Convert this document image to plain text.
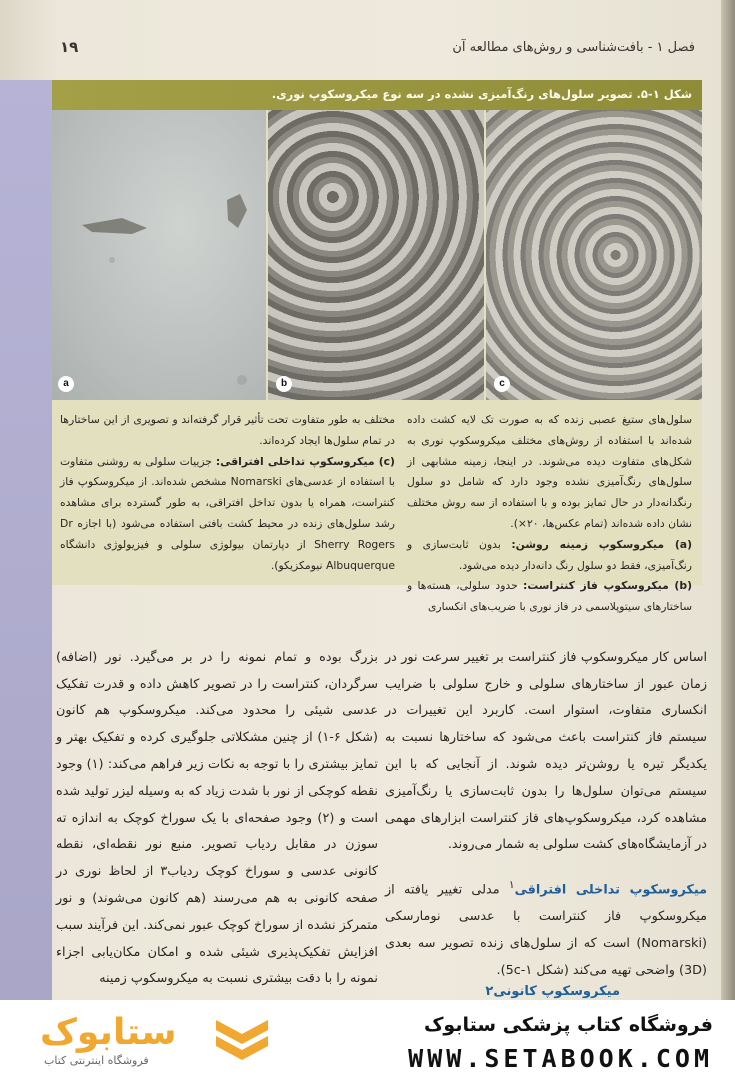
فصل ۱ - بافت‌شناسی و روش‌های مطالعه آن
۱۹
شکل ۱-۵. تصویر سلول‌های رنگ‌آمیزی نشده در سه نوع میکروسکوپ نوری.
a	b	c

سلول‌های ستیغ عصبی زنده که به صورت تک لایه کشت داده شده‌اند با استفاده از روش‌های مختلف میکروسکوپ نوری به شکل‌های متفاوت دیده می‌شوند. در اینجا، زمینه مشابهی از سلول‌های رنگ‌آمیزی نشده وجود دارد که شامل دو سلول رنگدانه‌دار در حال تمایز بوده و با استفاده از سه روش مختلف نشان داده شده‌اند (تمام عکس‌ها، ۲۰×).

(a) میکروسکوپ زمینه روشن: بدون ثابت‌سازی و رنگ‌آمیزی، فقط دو سلول رنگ دانه‌دار دیده می‌شود.

(b) میکروسکوپ فاز کنتراست: حدود سلولی، هسته‌ها و ساختارهای سیتوپلاسمی در فاز نوری با ضریب‌های انکساری

مختلف به طور متفاوت تحت تأثیر قرار گرفته‌اند و تصویری از این ساختارها در تمام سلول‌ها ایجاد کرده‌اند.

(c) میکروسکوپ تداخلی افتراقی: جزییات سلولی به روشنی متفاوت با استفاده از عدسی‌های Nomarski مشخص شده‌اند. از میکروسکوپ فاز کنتراست، همراه یا بدون تداخل افتراقی، به طور گسترده برای مشاهده رشد سلول‌های زنده در محیط کشت بافتی استفاده می‌شود (با اجازه Dr Sherry Rogers از دپارتمان بیولوژی سلولی و فیزیولوژی دانشگاه Albuquerque نیومکزیکو).

اساس کار میکروسکوپ فاز کنتراست بر تغییر سرعت نور در زمان عبور از ساختارهای سلولی و خارج سلولی با ضرایب انکساری متفاوت، استوار است. کاربرد این تغییرات در سیستم فاز کنتراست باعث می‌شود که ساختارها نسبت به یکدیگر تیره یا روشن‌تر دیده شوند. از آنجایی که با این سیستم می‌توان سلول‌ها را بدون ثابت‌سازی یا رنگ‌آمیزی مشاهده کرد، میکروسکوپ‌های فاز کنتراست ابزارهای مهمی در آزمایشگاه‌های کشت سلولی به شمار می‌روند.

میکروسکوپ تداخلی افتراقی$^۱$ مدلی تغییر یافته از میکروسکوپ فاز کنتراست با عدسی نومارسکی (Nomarski) است که از سلول‌های زنده تصویر سه بعدی (3D) واضحی تهیه می‌کند (شکل 5c-۱).

بزرگ بوده و تمام نمونه را در بر می‌گیرد. نور (اضافه) سرگردان، کنتراست را در تصویر کاهش داده و قدرت تفکیک عدسی شیئی را محدود می‌کند. میکروسکوپ هم کانون (شکل ۶-۱) از چنین مشکلاتی جلوگیری کرده و تفکیک بهتر و تمایز بیشتری را با توجه به نکات زیر فراهم می‌کند: (۱) وجود نقطه کوچکی از نور با شدت زیاد که به وسیله لیزر تولید شده است و (۲) وجود صفحه‌ای با یک سوراخ کوچک به اندازه ته سوزن در مقابل ردیاب تصویر. منبع نور نقطه‌ای، نقطه کانونی عدسی و سوراخ کوچک ردیاب۳ از لحاظ نوری در صفحه کانونی به هم می‌رسند (هم کانون می‌شوند) و نور متمرکز نشده از سوراخ کوچک عبور نمی‌کند. این فرآیند سبب افزایش تفکیک‌پذیری شیئی شده و امکان مکان‌یابی اجزاء نمونه را با دقت بیشتری نسبت به میکروسکوپ زمینه

میکروسکوپ کانونی۲
فروشگاه کتاب پزشکی ستابوک
WWW.SETABOOK.COM
ستابوک
فروشگاه اینترنتی کتاب
